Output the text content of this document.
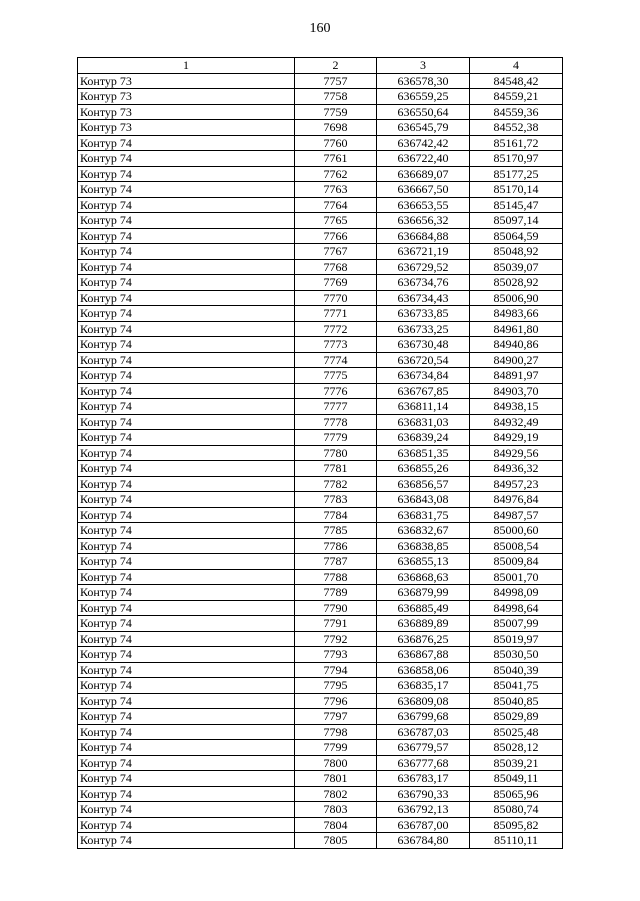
160
1	2	3	4
Контур 73	7757	636578,30	84548,42
Контур 73	7758	636559,25	84559,21
Контур 73	7759	636550,64	84559,36
Контур 73	7698	636545,79	84552,38
Контур 74	7760	636742,42	85161,72
Контур 74	7761	636722,40	85170,97
Контур 74	7762	636689,07	85177,25
Контур 74	7763	636667,50	85170,14
Контур 74	7764	636653,55	85145,47
Контур 74	7765	636656,32	85097,14
Контур 74	7766	636684,88	85064,59
Контур 74	7767	636721,19	85048,92
Контур 74	7768	636729,52	85039,07
Контур 74	7769	636734,76	85028,92
Контур 74	7770	636734,43	85006,90
Контур 74	7771	636733,85	84983,66
Контур 74	7772	636733,25	84961,80
Контур 74	7773	636730,48	84940,86
Контур 74	7774	636720,54	84900,27
Контур 74	7775	636734,84	84891,97
Контур 74	7776	636767,85	84903,70
Контур 74	7777	636811,14	84938,15
Контур 74	7778	636831,03	84932,49
Контур 74	7779	636839,24	84929,19
Контур 74	7780	636851,35	84929,56
Контур 74	7781	636855,26	84936,32
Контур 74	7782	636856,57	84957,23
Контур 74	7783	636843,08	84976,84
Контур 74	7784	636831,75	84987,57
Контур 74	7785	636832,67	85000,60
Контур 74	7786	636838,85	85008,54
Контур 74	7787	636855,13	85009,84
Контур 74	7788	636868,63	85001,70
Контур 74	7789	636879,99	84998,09
Контур 74	7790	636885,49	84998,64
Контур 74	7791	636889,89	85007,99
Контур 74	7792	636876,25	85019,97
Контур 74	7793	636867,88	85030,50
Контур 74	7794	636858,06	85040,39
Контур 74	7795	636835,17	85041,75
Контур 74	7796	636809,08	85040,85
Контур 74	7797	636799,68	85029,89
Контур 74	7798	636787,03	85025,48
Контур 74	7799	636779,57	85028,12
Контур 74	7800	636777,68	85039,21
Контур 74	7801	636783,17	85049,11
Контур 74	7802	636790,33	85065,96
Контур 74	7803	636792,13	85080,74
Контур 74	7804	636787,00	85095,82
Контур 74	7805	636784,80	85110,11
